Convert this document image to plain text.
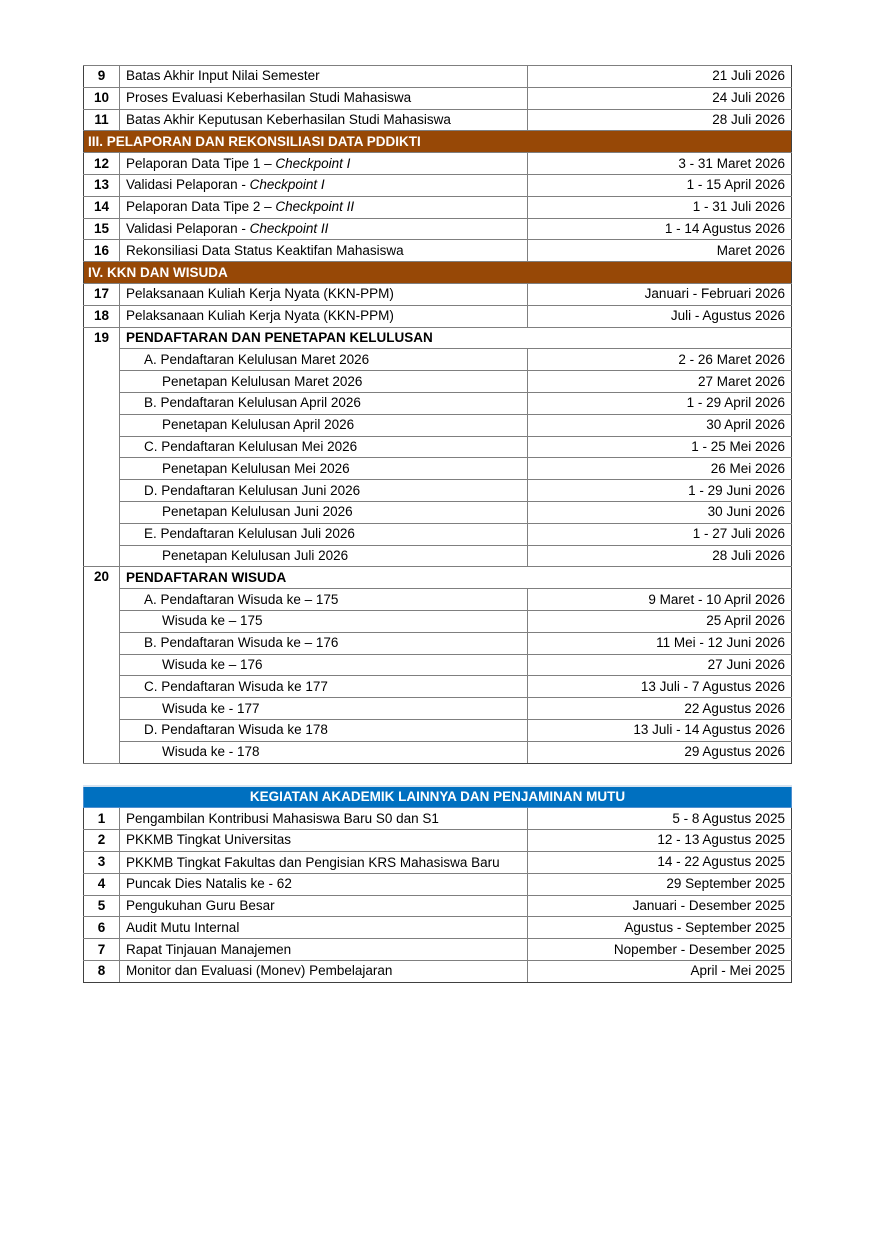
9	Batas Akhir Input Nilai Semester	21 Juli 2026
10	Proses Evaluasi Keberhasilan Studi Mahasiswa	24 Juli 2026
11	Batas Akhir Keputusan Keberhasilan Studi Mahasiswa	28 Juli 2026
III. PELAPORAN DAN REKONSILIASI DATA PDDIKTI		
12	Pelaporan Data Tipe 1 – Checkpoint I	3 - 31 Maret 2026
13	Validasi Pelaporan - Checkpoint I	1 - 15 April 2026
14	Pelaporan Data Tipe 2 – Checkpoint II	1 - 31 Juli 2026
15	Validasi Pelaporan - Checkpoint II	1 - 14 Agustus 2026
16	Rekonsiliasi Data Status Keaktifan Mahasiswa	Maret 2026
IV. KKN DAN WISUDA		
17	Pelaksanaan Kuliah Kerja Nyata (KKN-PPM)	Januari - Februari 2026
18	Pelaksanaan Kuliah Kerja Nyata (KKN-PPM)	Juli - Agustus 2026
19	PENDAFTARAN DAN PENETAPAN KELULUSAN	
	A. Pendaftaran Kelulusan Maret 2026	2 - 26 Maret 2026
	Penetapan Kelulusan Maret 2026	27 Maret 2026
	B. Pendaftaran Kelulusan April 2026	1 - 29 April 2026
	Penetapan Kelulusan April 2026	30 April 2026
	C. Pendaftaran Kelulusan Mei 2026	1 - 25 Mei 2026
	Penetapan Kelulusan Mei 2026	26 Mei 2026
	D. Pendaftaran Kelulusan Juni 2026	1 - 29 Juni 2026
	Penetapan Kelulusan Juni 2026	30 Juni 2026
	E. Pendaftaran Kelulusan Juli 2026	1 - 27 Juli 2026
	Penetapan Kelulusan Juli 2026	28 Juli 2026
20	PENDAFTARAN WISUDA	
	A. Pendaftaran Wisuda ke – 175	9 Maret - 10 April 2026
	Wisuda ke – 175	25 April 2026
	B. Pendaftaran Wisuda ke – 176	11 Mei - 12 Juni 2026
	Wisuda ke – 176	27 Juni 2026
	C. Pendaftaran Wisuda ke 177	13 Juli - 7 Agustus 2026
	Wisuda ke - 177	22 Agustus 2026
	D. Pendaftaran Wisuda ke 178	13 Juli - 14 Agustus 2026
	Wisuda ke - 178	29 Agustus 2026
KEGIATAN AKADEMIK LAINNYA DAN PENJAMINAN MUTU		
1	Pengambilan Kontribusi Mahasiswa Baru S0 dan S1	5 - 8 Agustus 2025
2	PKKMB Tingkat Universitas	12 - 13 Agustus 2025
3	PKKMB Tingkat Fakultas dan Pengisian KRS Mahasiswa Baru	14 - 22 Agustus 2025
4	Puncak Dies Natalis ke - 62	29 September 2025
5	Pengukuhan Guru Besar	Januari - Desember 2025
6	Audit Mutu Internal	Agustus - September 2025
7	Rapat Tinjauan Manajemen	Nopember - Desember 2025
8	Monitor dan Evaluasi (Monev) Pembelajaran	April - Mei 2025
